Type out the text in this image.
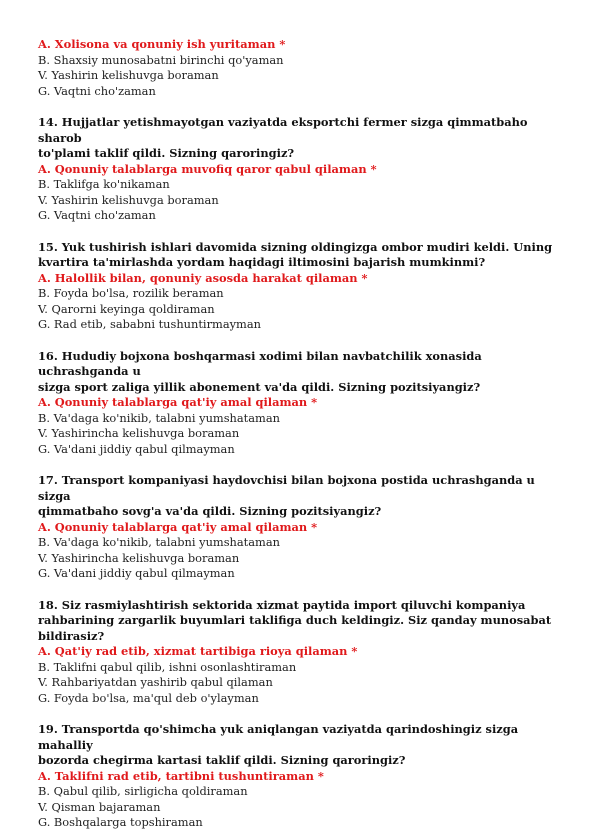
A. Xolisona va qonuniy ish yuritaman *
B. Shaxsiy munosabatni birinchi qo'yaman
V. Yashirin kelishuvga boraman
G. Vaqtni cho'zaman
14. Hujjatlar yetishmayotgan vaziyatda eksportchi fermer sizga qimmatbaho sharob
to'plami taklif qildi. Sizning qaroringiz?
A. Qonuniy talablarga muvofiq qaror qabul qilaman *
B. Taklifga ko'nikaman
V. Yashirin kelishuvga boraman
G. Vaqtni cho'zaman
15. Yuk tushirish ishlari davomida sizning oldingizga ombor mudiri keldi. Uning
kvartira ta'mirlashda yordam haqidagi iltimosini bajarish mumkinmi?
A. Halollik bilan, qonuniy asosda harakat qilaman *
B. Foyda bo'lsa, rozilik beraman
V. Qarorni keyinga qoldiraman
G. Rad etib, sababni tushuntirmayman
16. Hududiy bojxona boshqarmasi xodimi bilan navbatchilik xonasida uchrashganda u
sizga sport zaliga yillik abonement va'da qildi. Sizning pozitsiyangiz?
A. Qonuniy talablarga qat'iy amal qilaman *
B. Va'daga ko'nikib, talabni yumshataman
V. Yashirincha kelishuvga boraman
G. Va'dani jiddiy qabul qilmayman
17. Transport kompaniyasi haydovchisi bilan bojxona postida uchrashganda u sizga
qimmatbaho sovg'a va'da qildi. Sizning pozitsiyangiz?
A. Qonuniy talablarga qat'iy amal qilaman *
B. Va'daga ko'nikib, talabni yumshataman
V. Yashirincha kelishuvga boraman
G. Va'dani jiddiy qabul qilmayman
18. Siz rasmiylashtirish sektorida xizmat paytida import qiluvchi kompaniya
rahbarining zargarlik buyumlari taklifiga duch keldingiz. Siz qanday munosabat
bildirasiz?
A. Qat'iy rad etib, xizmat tartibiga rioya qilaman *
B. Taklifni qabul qilib, ishni osonlashtiraman
V. Rahbariyatdan yashirib qabul qilaman
G. Foyda bo'lsa, ma'qul deb o'ylayman
19. Transportda qo'shimcha yuk aniqlangan vaziyatda qarindoshingiz sizga mahalliy
bozorda chegirma kartasi taklif qildi. Sizning qaroringiz?
A. Taklifni rad etib, tartibni tushuntiraman *
B. Qabul qilib, sirligicha qoldiraman
V. Qisman bajaraman
G. Boshqalarga topshiraman
